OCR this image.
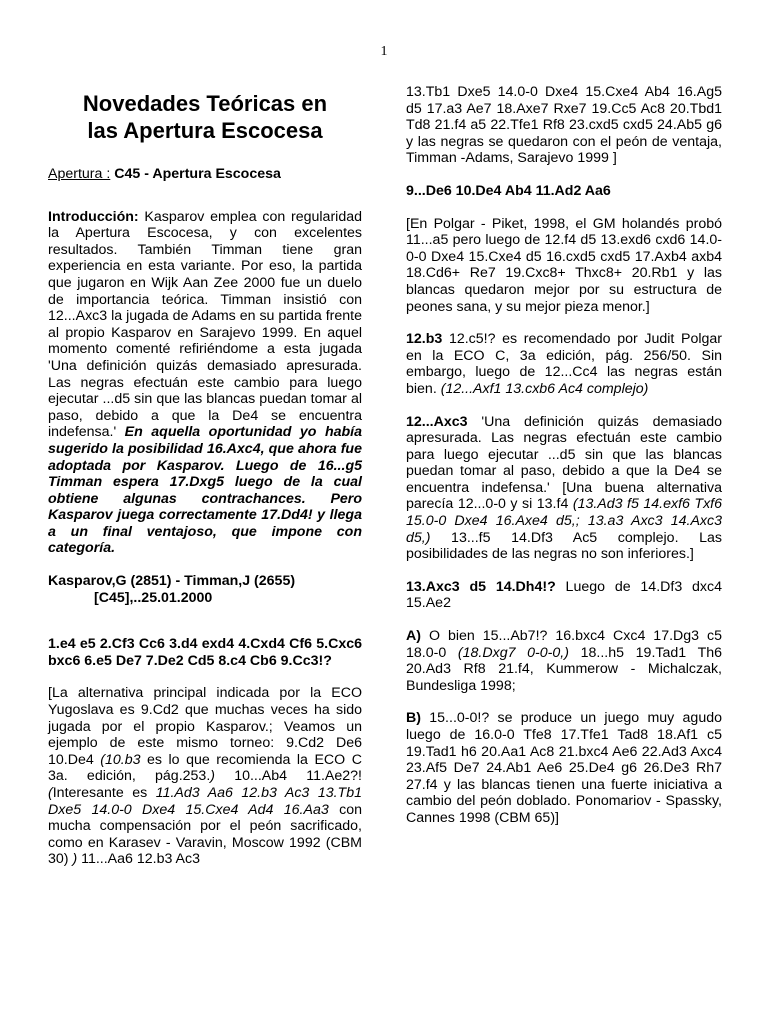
1
Novedades Teóricas en
las Apertura Escocesa
Apertura : C45 - Apertura Escocesa

Introducción: Kasparov emplea con regularidad la Apertura Escocesa, y con excelentes resultados. También Timman tiene gran experiencia en esta variante. Por eso, la partida que jugaron en Wijk Aan Zee 2000 fue un duelo de importancia teórica. Timman insistió con 12...Axc3 la jugada de Adams en su partida frente al propio Kasparov en Sarajevo 1999. En aquel momento comenté refiriéndome a esta jugada 'Una definición quizás demasiado apresurada. Las negras efectuán este cambio para luego ejecutar ...d5 sin que las blancas puedan tomar al paso, debido a que la De4 se encuentra indefensa.' En aquella oportunidad yo había sugerido la posibilidad 16.Axc4, que ahora fue adoptada por Kasparov. Luego de 16...g5 Timman espera 17.Dxg5 luego de la cual obtiene algunas contrachances. Pero Kasparov juega correctamente 17.Dd4! y llega a un final ventajoso, que impone con categoría.

Kasparov,G (2851) - Timman,J (2655)
[C45],..25.01.2000

1.e4 e5 2.Cf3 Cc6 3.d4 exd4 4.Cxd4 Cf6 5.Cxc6 bxc6 6.e5 De7 7.De2 Cd5 8.c4 Cb6 9.Cc3!?

[La alternativa principal indicada por la ECO Yugoslava es 9.Cd2 que muchas veces ha sido jugada por el propio Kasparov.; Veamos un ejemplo de este mismo torneo: 9.Cd2 De6 10.De4 (10.b3 es lo que recomienda la ECO C 3a. edición, pág.253.) 10...Ab4 11.Ae2?! (Interesante es 11.Ad3 Aa6 12.b3 Ac3 13.Tb1 Dxe5 14.0-0 Dxe4 15.Cxe4 Ad4 16.Aa3 con mucha compensación por el peón sacrificado, como en Karasev - Varavin, Moscow 1992 (CBM 30) ) 11...Aa6 12.b3 Ac3

13.Tb1 Dxe5 14.0-0 Dxe4 15.Cxe4 Ab4 16.Ag5 d5 17.a3 Ae7 18.Axe7 Rxe7 19.Cc5 Ac8 20.Tbd1 Td8 21.f4 a5 22.Tfe1 Rf8 23.cxd5 cxd5 24.Ab5 g6 y las negras se quedaron con el peón de ventaja, Timman -Adams, Sarajevo 1999 ]

9...De6 10.De4 Ab4 11.Ad2 Aa6

[En Polgar - Piket, 1998, el GM holandés probó 11...a5 pero luego de 12.f4 d5 13.exd6 cxd6 14.0-0-0 Dxe4 15.Cxe4 d5 16.cxd5 cxd5 17.Axb4 axb4 18.Cd6+ Re7 19.Cxc8+ Thxc8+ 20.Rb1 y las blancas quedaron mejor por su estructura de peones sana, y su mejor pieza menor.]

12.b3 12.c5!? es recomendado por Judit Polgar en la ECO C, 3a edición, pág. 256/50. Sin embargo, luego de 12...Cc4 las negras están bien. (12...Axf1 13.cxb6 Ac4 complejo)

12...Axc3 'Una definición quizás demasiado apresurada. Las negras efectuán este cambio para luego ejecutar ...d5 sin que las blancas puedan tomar al paso, debido a que la De4 se encuentra indefensa.' [Una buena alternativa parecía 12...0-0 y si 13.f4 (13.Ad3 f5 14.exf6 Txf6 15.0-0 Dxe4 16.Axe4 d5,; 13.a3 Axc3 14.Axc3 d5,) 13...f5 14.Df3 Ac5 complejo. Las posibilidades de las negras no son inferiores.]

13.Axc3 d5 14.Dh4!? Luego de 14.Df3 dxc4 15.Ae2

A) O bien 15...Ab7!? 16.bxc4 Cxc4 17.Dg3 c5 18.0-0 (18.Dxg7 0-0-0,) 18...h5 19.Tad1 Th6 20.Ad3 Rf8 21.f4, Kummerow - Michalczak, Bundesliga 1998;

B) 15...0-0!? se produce un juego muy agudo luego de 16.0-0 Tfe8 17.Tfe1 Tad8 18.Af1 c5 19.Tad1 h6 20.Aa1 Ac8 21.bxc4 Ae6 22.Ad3 Axc4 23.Af5 De7 24.Ab1 Ae6 25.De4 g6 26.De3 Rh7 27.f4 y las blancas tienen una fuerte iniciativa a cambio del peón doblado. Ponomariov - Spassky, Cannes 1998 (CBM 65)]
